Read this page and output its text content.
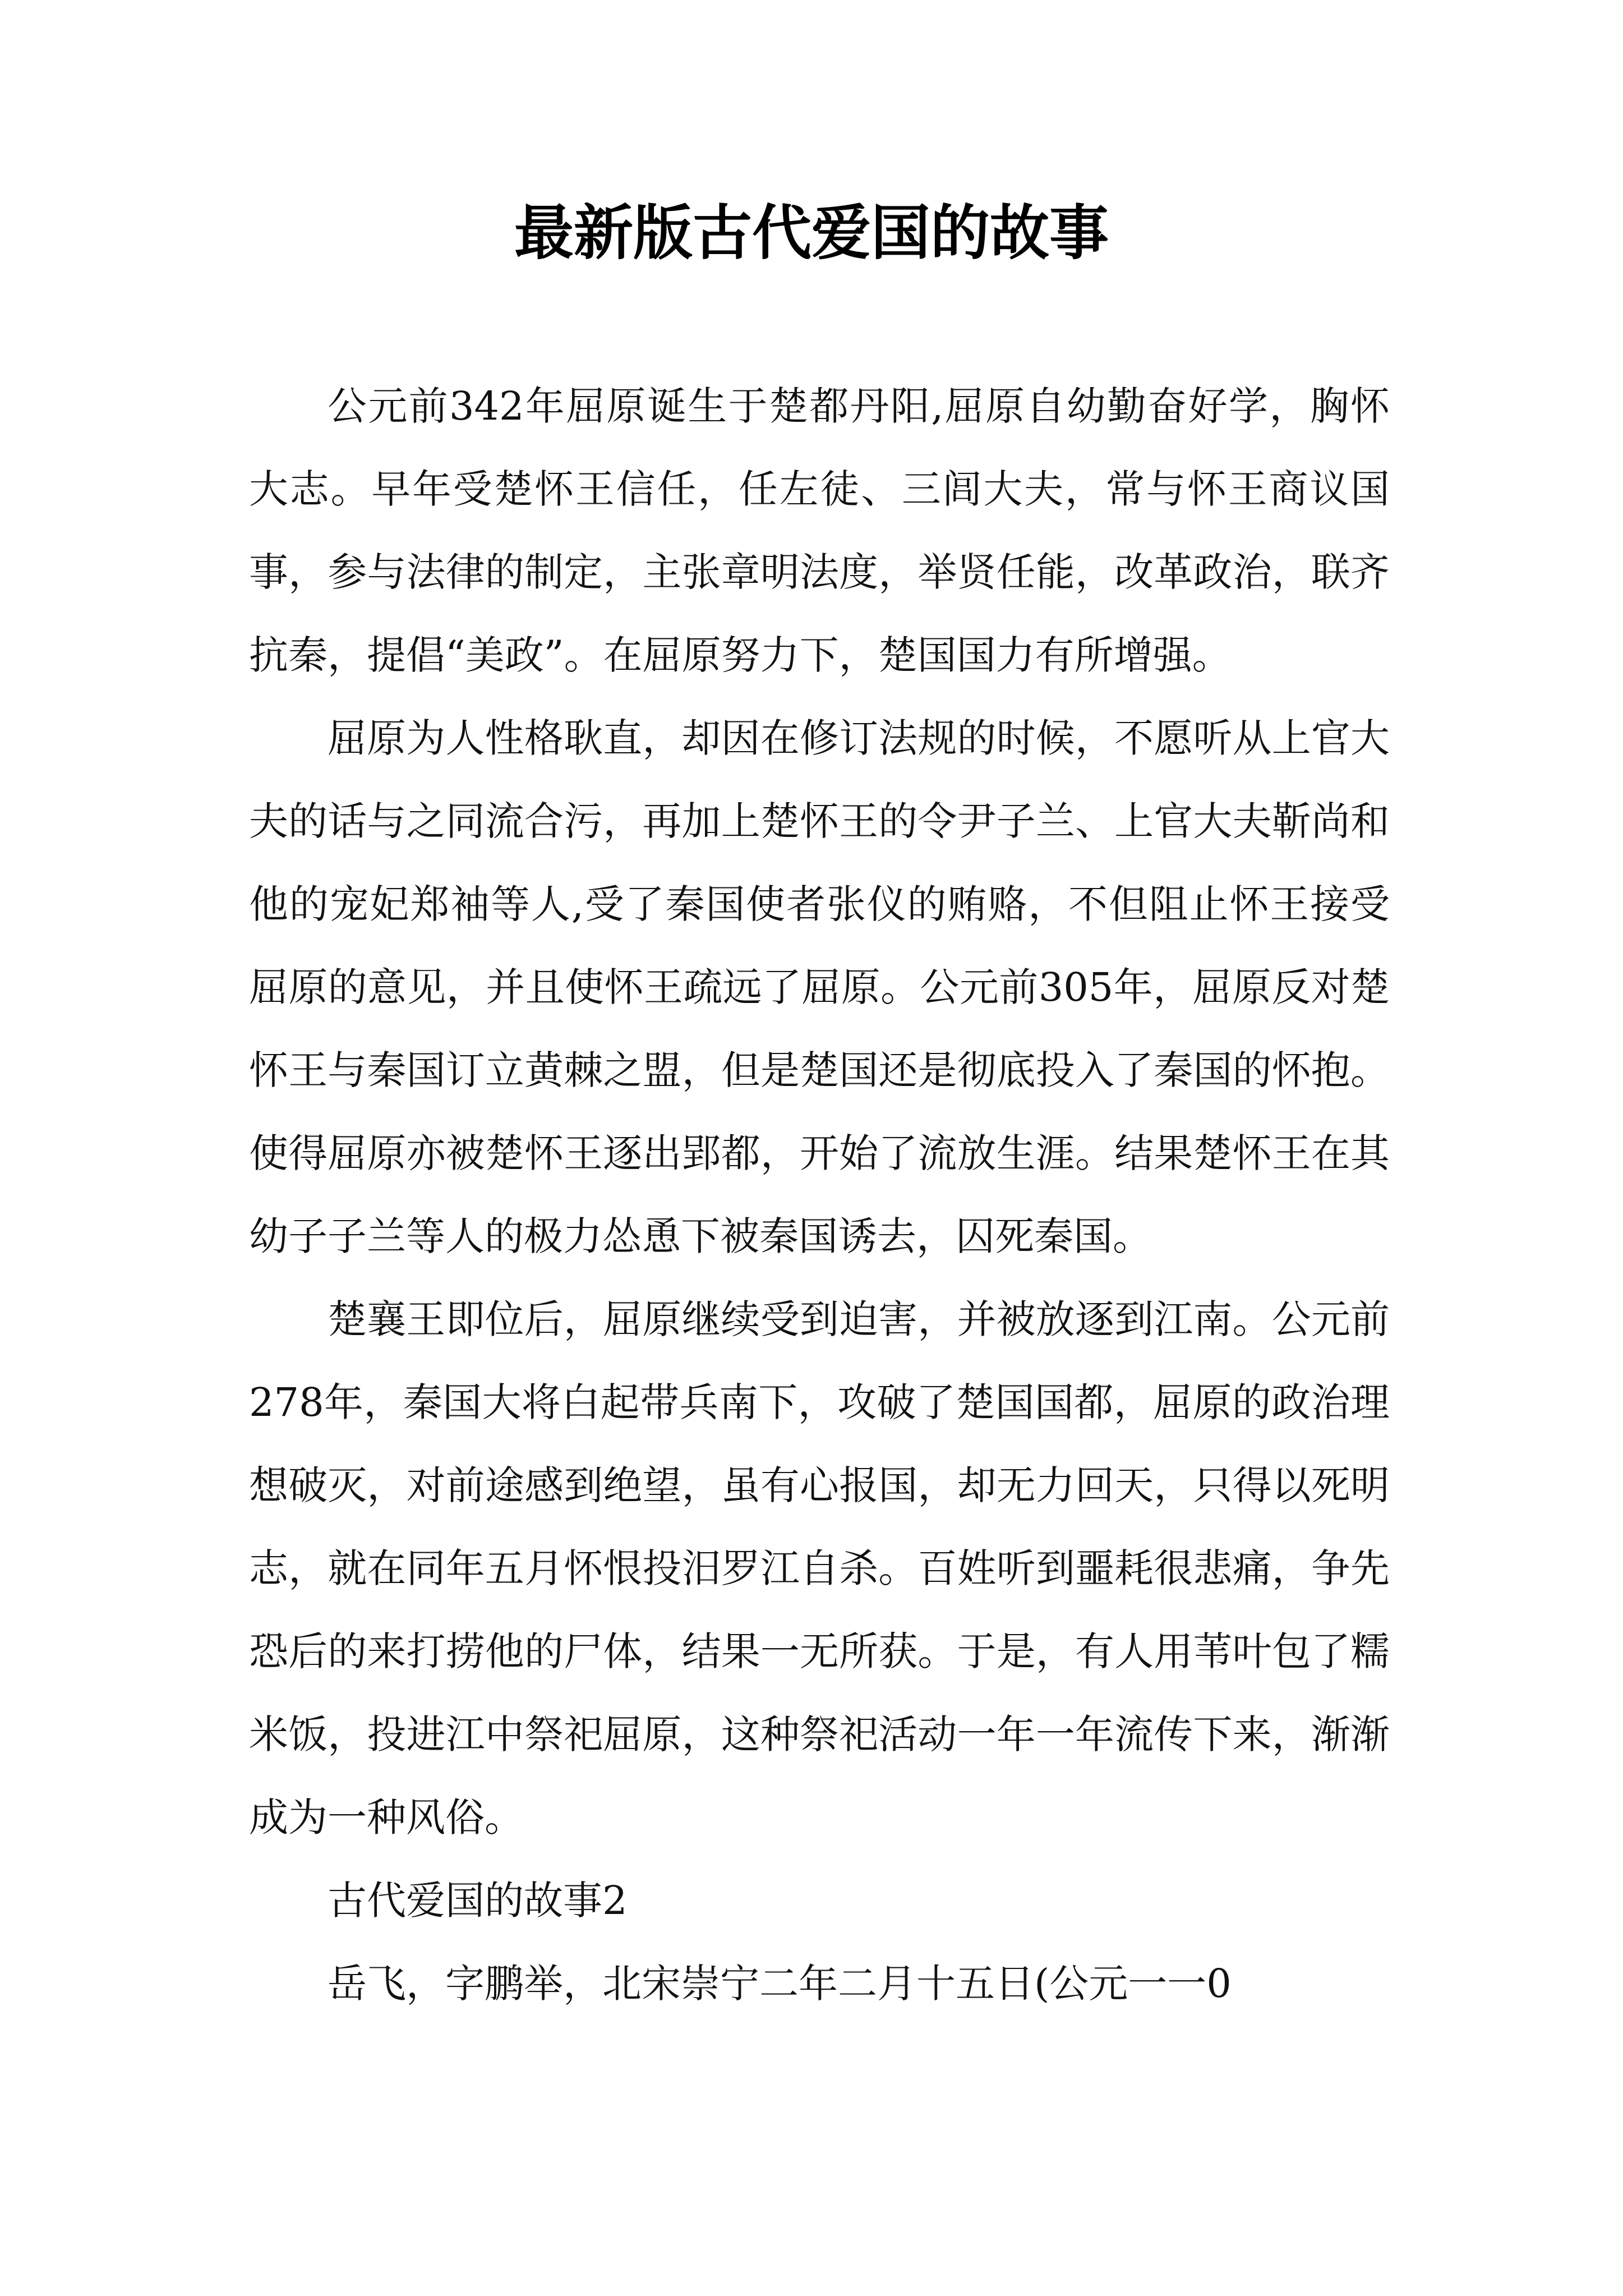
最新版古代爱国的故事

公元前342年屈原诞生于楚都丹阳,屈原自幼勤奋好学，胸怀大志。早年受楚怀王信任，任左徒、三闾大夫，常与怀王商议国事，参与法律的制定，主张章明法度，举贤任能，改革政治，联齐抗秦，提倡“美政”。在屈原努力下，楚国国力有所增强。

屈原为人性格耿直，却因在修订法规的时候，不愿听从上官大夫的话与之同流合污，再加上楚怀王的令尹子兰、上官大夫靳尚和他的宠妃郑袖等人,受了秦国使者张仪的贿赂，不但阻止怀王接受屈原的意见，并且使怀王疏远了屈原。公元前305年，屈原反对楚怀王与秦国订立黄棘之盟，但是楚国还是彻底投入了秦国的怀抱。使得屈原亦被楚怀王逐出郢都，开始了流放生涯。结果楚怀王在其幼子子兰等人的极力怂恿下被秦国诱去，囚死秦国。

楚襄王即位后，屈原继续受到迫害，并被放逐到江南。公元前278年，秦国大将白起带兵南下，攻破了楚国国都，屈原的政治理想破灭，对前途感到绝望，虽有心报国，却无力回天，只得以死明志，就在同年五月怀恨投汨罗江自杀。百姓听到噩耗很悲痛，争先恐后的来打捞他的尸体，结果一无所获。于是，有人用苇叶包了糯米饭，投进江中祭祀屈原，这种祭祀活动一年一年流传下来，渐渐成为一种风俗。

古代爱国的故事2

岳飞，字鹏举，北宋崇宁二年二月十五日(公元一一0
